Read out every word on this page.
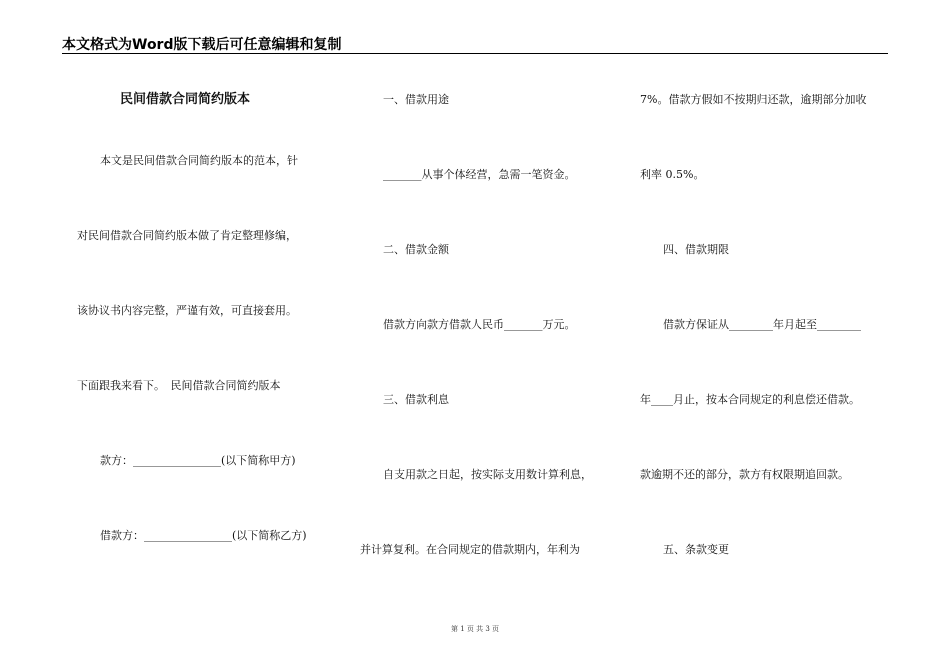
本文格式为Word版下载后可任意编辑和复制
民间借款合同简约版本
本文是民间借款合同简约版本的范本，针
对民间借款合同简约版本做了肯定整理修编，
该协议书内容完整，严谨有效，可直接套用。
下面跟我来看下。　民间借款合同简约版本
款方：________________(以下简称甲方)
借款方：________________(以下简称乙方)
一、借款用途
_______从事个体经营，急需一笔资金。
二、借款金额
借款方向款方借款人民币_______万元。
三、借款利息
自支用款之日起，按实际支用数计算利息，
并计算复利。在合同规定的借款期内，年利为
7%。借款方假如不按期归还款，逾期部分加收
利率 0.5%。
四、借款期限
借款方保证从________年月起至________
年____月止，按本合同规定的利息偿还借款。
款逾期不还的部分，款方有权限期追回款。
五、条款变更
第 1 页 共 3 页
